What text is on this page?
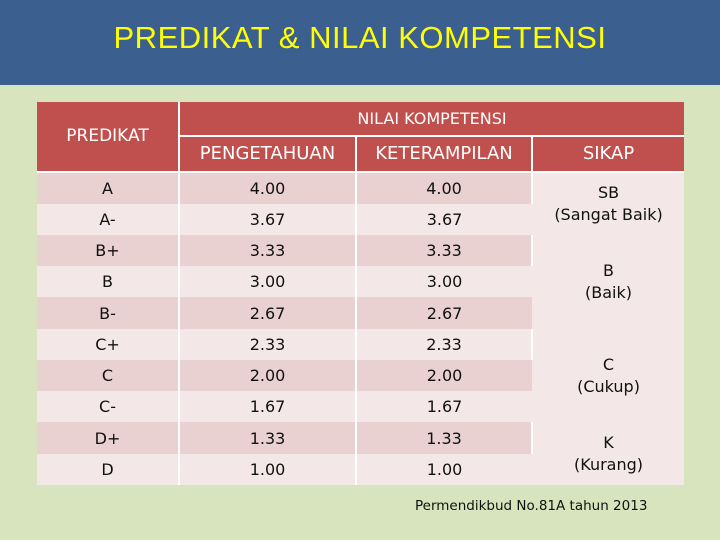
PREDIKAT & NILAI KOMPETENSI
PREDIKAT	NILAI KOMPETENSI		
	PENGETAHUAN	KETERAMPILAN	SIKAP
A	4.00	4.00	SB
(Sangat Baik)

A-	3.67	3.67	
B+	3.33	3.33	B
(Baik)

B	3.00	3.00	
B-	2.67	2.67	
C+	2.33	2.33	C
(Cukup)

C	2.00	2.00	
C-	1.67	1.67	
D+	1.33	1.33	K
(Kurang)

D	1.00	1.00	
Permendikbud No.81A tahun 2013
